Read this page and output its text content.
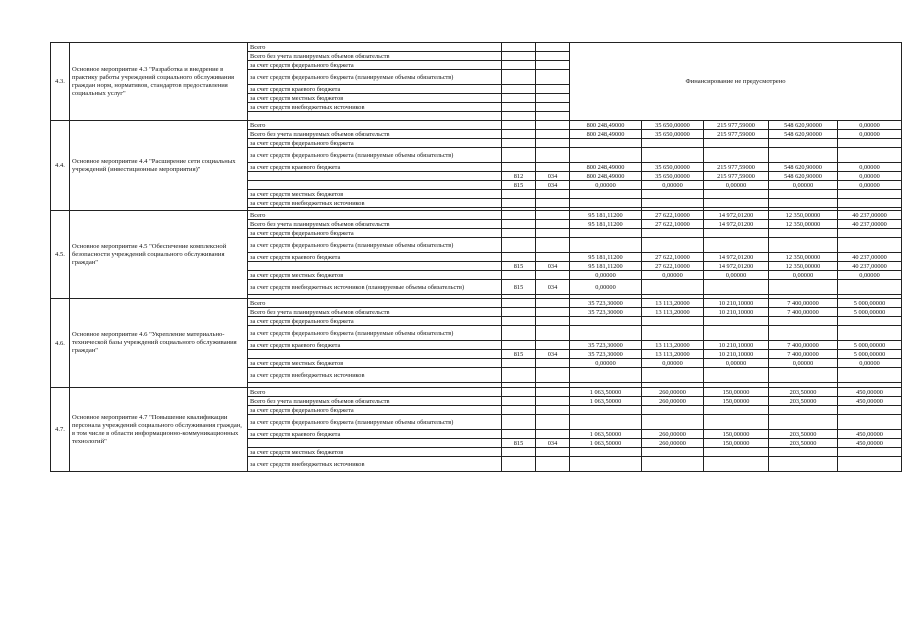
4.3.	Основное мероприятие 4.3 "Разработка и внедрение в практику работы учреждений социального обслуживания граждан норм, нормативов, стандартов предоставления социальных услуг"	Всего			Финансирование не предусмотрено				
		Всего без учета планируемых объемов обязательств							
		за счет средств федерального бюджета							
		за счет средств федерального бюджета (планируемые объемы обязательств)							
		за счет средств краевого бюджета							
		за счет средств местных бюджетов							
		за счет средств внебюджетных источников							

4.4.	Основное мероприятие 4.4 "Расширение сети социальных учреждений (инвестиционные мероприятия)"	Всего			800 248,49000	35 650,00000	215 977,59000	548 620,90000	0,00000
		Всего без учета планируемых объемов обязательств			800 248,49000	35 650,00000	215 977,59000	548 620,90000	0,00000
		за счет средств федерального бюджета							
		за счет средств федерального бюджета (планируемые объемы обязательств)							
		за счет средств краевого бюджета			800 248,49000	35 650,00000	215 977,59000	548 620,90000	0,00000
			812	034	800 248,49000	35 650,00000	215 977,59000	548 620,90000	0,00000
			815	034	0,00000	0,00000	0,00000	0,00000	0,00000
		за счет средств местных бюджетов							
		за счет средств внебюджетных источников							

4.5.	Основное мероприятие 4.5 "Обеспечение комплексной безопасности учреждений социального обслуживания граждан"	Всего			95 181,11200	27 622,10000	14 972,01200	12 350,00000	40 237,00000
		Всего без учета планируемых объемов обязательств			95 181,11200	27 622,10000	14 972,01200	12 350,00000	40 237,00000
		за счет средств федерального бюджета							
		за счет средств федерального бюджета (планируемые объемы обязательств)							
		за счет средств краевого бюджета			95 181,11200	27 622,10000	14 972,01200	12 350,00000	40 237,00000
			815	034	95 181,11200	27 622,10000	14 972,01200	12 350,00000	40 237,00000
		за счет средств местных бюджетов			0,00000	0,00000	0,00000	0,00000	0,00000
		за счет средств внебюджетных источников (планируемые объемы обязательств)	815	034	0,00000				

4.6.	Основное мероприятие 4.6 "Укрепление материально-технической базы учреждений социального обслуживания граждан"	Всего			35 723,30000	13 113,20000	10 210,10000	7 400,00000	5 000,00000
		Всего без учета планируемых объемов обязательств			35 723,30000	13 113,20000	10 210,10000	7 400,00000	5 000,00000
		за счет средств федерального бюджета							
		за счет средств федерального бюджета (планируемые объемы обязательств)							
		за счет средств краевого бюджета			35 723,30000	13 113,20000	10 210,10000	7 400,00000	5 000,00000
			815	034	35 723,30000	13 113,20000	10 210,10000	7 400,00000	5 000,00000
		за счет средств местных бюджетов			0,00000	0,00000	0,00000	0,00000	0,00000
		за счет средств внебюджетных источников							

4.7.	Основное мероприятие 4.7 "Повышение квалификации персонала учреждений социального обслуживания граждан, в том числе в области информационно-коммуникационных технологий"	Всего			1 063,50000	260,00000	150,00000	203,50000	450,00000
		Всего без учета планируемых объемов обязательств			1 063,50000	260,00000	150,00000	203,50000	450,00000
		за счет средств федерального бюджета							
		за счет средств федерального бюджета (планируемые объемы обязательств)							
		за счет средств краевого бюджета			1 063,50000	260,00000	150,00000	203,50000	450,00000
			815	034	1 063,50000	260,00000	150,00000	203,50000	450,00000
		за счет средств местных бюджетов							
		за счет средств внебюджетных источников							
